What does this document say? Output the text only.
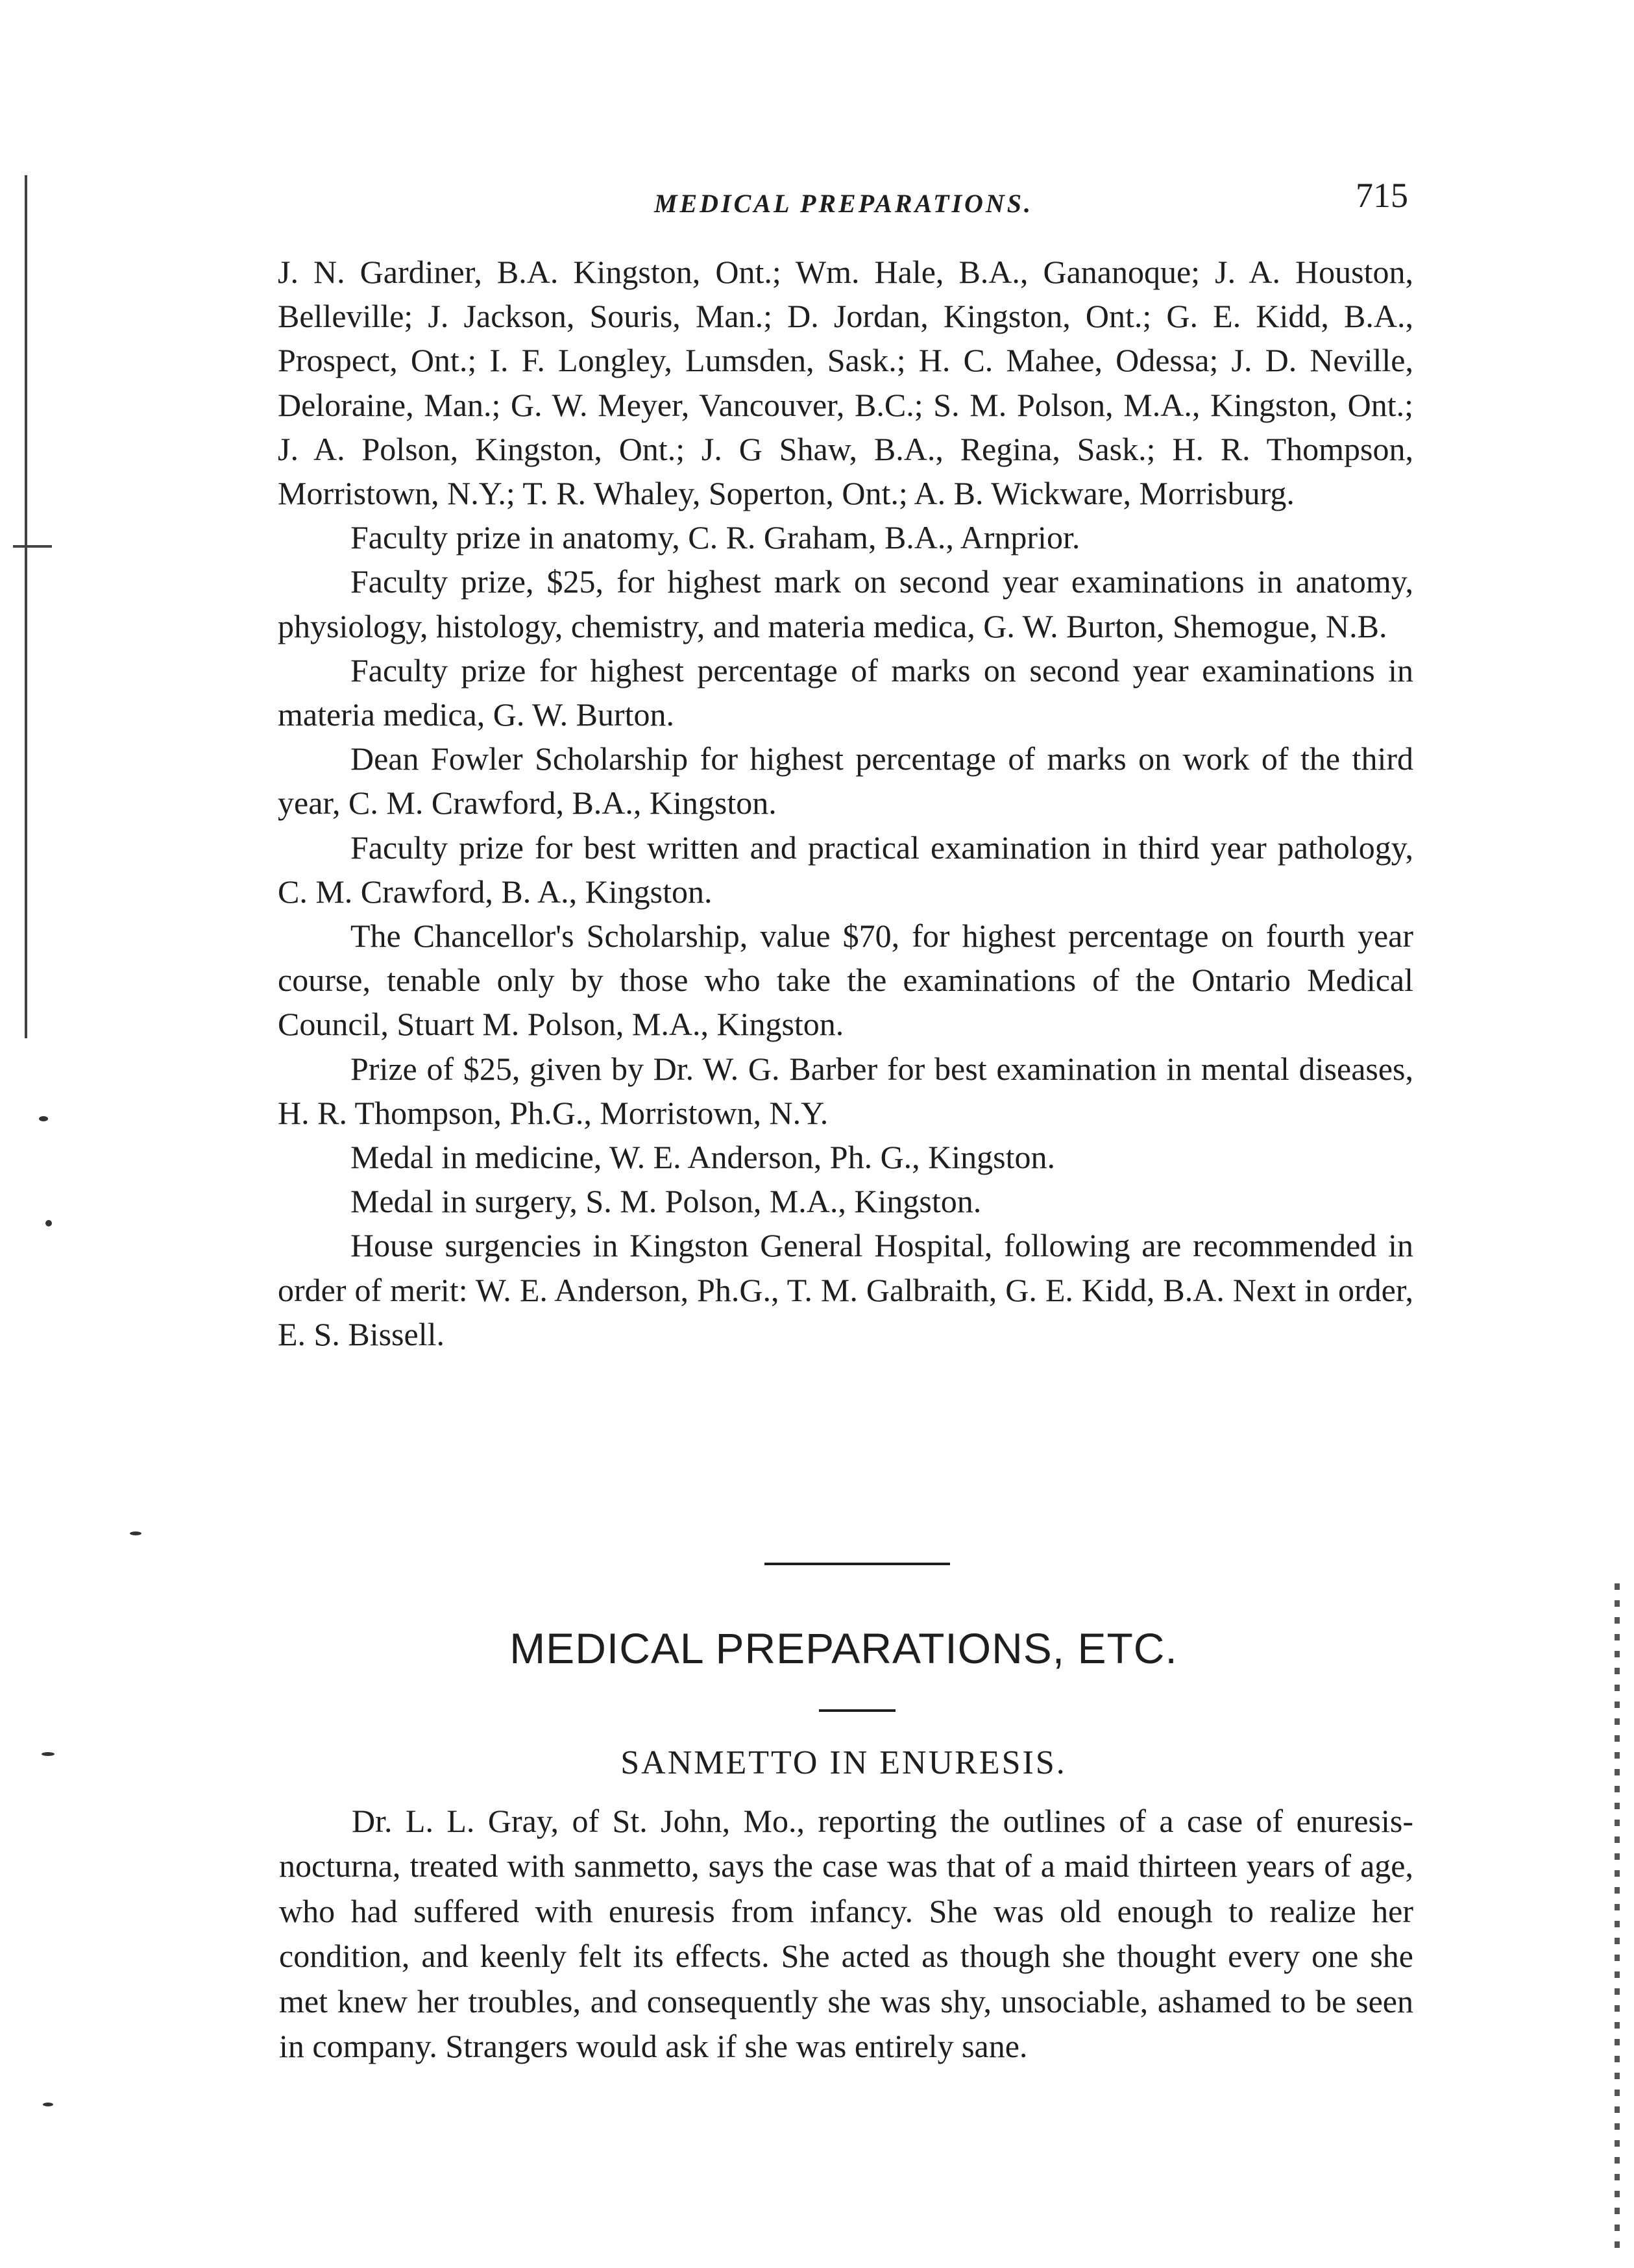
MEDICAL PREPARATIONS.	715

J. N. Gardiner, B.A. Kingston, Ont.; Wm. Hale, B.A., Gananoque; J. A. Houston, Belleville; J. Jackson, Souris, Man.; D. Jordan, Kingston, Ont.; G. E. Kidd, B.A., Prospect, Ont.; I. F. Longley, Lumsden, Sask.; H. C. Mahee, Odessa; J. D. Neville, Deloraine, Man.; G. W. Meyer, Vancouver, B.C.; S. M. Polson, M.A., Kingston, Ont.; J. A. Polson, Kingston, Ont.; J. G Shaw, B.A., Regina, Sask.; H. R. Thompson, Morristown, N.Y.; T. R. Whaley, Soperton, Ont.; A. B. Wickware, Morrisburg.

Faculty prize in anatomy, C. R. Graham, B.A., Arnprior.

Faculty prize, $25, for highest mark on second year examinations in anatomy, physiology, histology, chemistry, and materia medica, G. W. Burton, Shemogue, N.B.

Faculty prize for highest percentage of marks on second year examinations in materia medica, G. W. Burton.

Dean Fowler Scholarship for highest percentage of marks on work of the third year, C. M. Crawford, B.A., Kingston.

Faculty prize for best written and practical examination in third year pathology, C. M. Crawford, B. A., Kingston.

The Chancellor's Scholarship, value $70, for highest percentage on fourth year course, tenable only by those who take the examinations of the Ontario Medical Council, Stuart M. Polson, M.A., Kingston.

Prize of $25, given by Dr. W. G. Barber for best examination in mental diseases, H. R. Thompson, Ph.G., Morristown, N.Y.

Medal in medicine, W. E. Anderson, Ph. G., Kingston.

Medal in surgery, S. M. Polson, M.A., Kingston.

House surgencies in Kingston General Hospital, following are recommended in order of merit: W. E. Anderson, Ph.G., T. M. Galbraith, G. E. Kidd, B.A. Next in order, E. S. Bissell.

MEDICAL PREPARATIONS, ETC.
SANMETTO IN ENURESIS.

Dr. L. L. Gray, of St. John, Mo., reporting the outlines of a case of enuresis-nocturna, treated with sanmetto, says the case was that of a maid thirteen years of age, who had suffered with enuresis from infancy. She was old enough to realize her condition, and keenly felt its effects. She acted as though she thought every one she met knew her troubles, and consequently she was shy, unsociable, ashamed to be seen in company. Strangers would ask if she was entirely sane.
